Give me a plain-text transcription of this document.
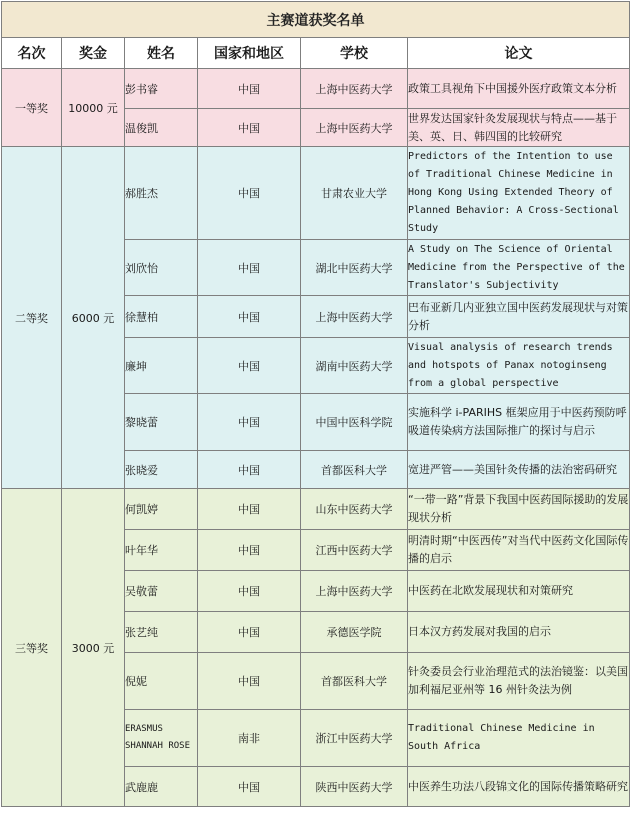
主赛道获奖名单					
名次	奖金	姓名	国家和地区	学校	论文
一等奖	10000 元	彭书睿	中国	上海中医药大学	政策工具视角下中国援外医疗政策文本分析
		温俊凯	中国	上海中医药大学	世界发达国家针灸发展现状与特点——基于美、英、日、韩四国的比较研究
二等奖	6000 元	郝胜杰	中国	甘肃农业大学	Predictors of the Intention to use of Traditional Chinese Medicine in Hong Kong Using Extended Theory of Planned Behavior: A Cross-Sectional Study
		刘欣怡	中国	湖北中医药大学	A Study on The Science of Oriental Medicine from the Perspective of the Translator's Subjectivity
		徐慧柏	中国	上海中医药大学	巴布亚新几内亚独立国中医药发展现状与对策分析
		廉坤	中国	湖南中医药大学	Visual analysis of research trends and hotspots of Panax notoginseng from a global perspective
		黎晓蕾	中国	中国中医科学院	实施科学 i-PARIHS 框架应用于中医药预防呼吸道传染病方法国际推广的探讨与启示
		张晓爱	中国	首都医科大学	宽进严管——美国针灸传播的法治密码研究
三等奖	3000 元	何凯婷	中国	山东中医药大学	“一带一路”背景下我国中医药国际援助的发展现状分析
		叶年华	中国	江西中医药大学	明清时期“中医西传”对当代中医药文化国际传播的启示
		吴敬蕾	中国	上海中医药大学	中医药在北欧发展现状和对策研究
		张艺纯	中国	承德医学院	日本汉方药发展对我国的启示
		倪妮	中国	首都医科大学	针灸委员会行业治理范式的法治镜鉴：以美国加利福尼亚州等 16 州针灸法为例
		ERASMUS SHANNAH ROSE	南非	浙江中医药大学	Traditional Chinese Medicine in South Africa
		武鹿鹿	中国	陕西中医药大学	中医养生功法八段锦文化的国际传播策略研究
